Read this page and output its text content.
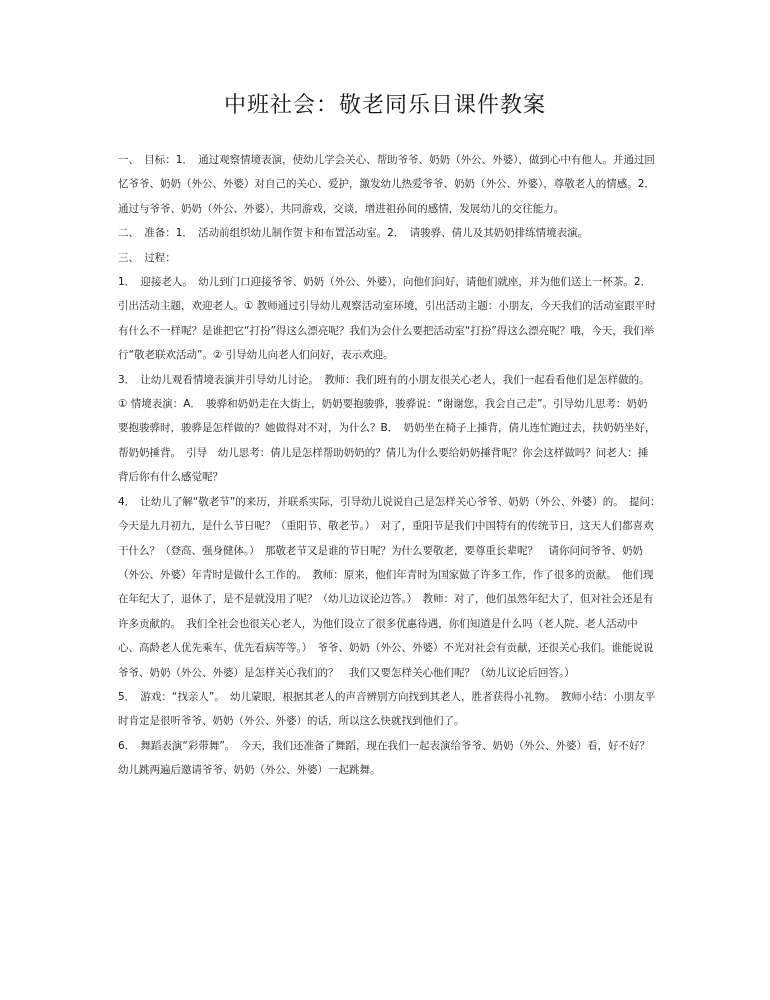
中班社会：敬老同乐日课件教案

一、　目标：1．　通过观察情境表演，使幼儿学会关心、帮助爷爷、奶奶（外公、外婆），做到心中有他人。并通过回忆爷爷、奶奶（外公、外婆）对自己的关心、爱护，激发幼儿热爱爷爷、奶奶（外公、外婆），尊敬老人的情感。2．　通过与爷爷、奶奶（外公、外婆），共同游戏，交谈，增进祖孙间的感情，发展幼儿的交往能力。

二、　准备：1．　活动前组织幼儿制作贺卡和布置活动室。2．　请骏骅、倩儿及其奶奶排练情境表演。

三、　过程：

1．　迎接老人。　幼儿到门口迎接爷爷、奶奶（外公、外婆），向他们问好，请他们就座，并为他们送上一杯茶。2．　引出活动主题，欢迎老人。① 教师通过引导幼儿观察活动室环境，引出活动主题：小朋友，今天我们的活动室跟平时有什么不一样呢？是谁把它“打扮”得这么漂亮呢？我们为会什么要把活动室“打扮”得这么漂亮呢？哦，今天，我们举行“敬老联欢活动”。② 引导幼儿向老人们问好，表示欢迎。

3．　让幼儿观看情境表演并引导幼儿讨论。　教师：我们班有的小朋友很关心老人，我们一起看看他们是怎样做的。① 情境表演：A．　骏骅和奶奶走在大街上，奶奶要抱骏骅，骏骅说：“谢谢您，我会自己走”。引导幼儿思考：奶奶要抱骏骅时，骏骅是怎样做的？她做得对不对，为什么？B．　奶奶坐在椅子上捶背，倩儿连忙跑过去，扶奶奶坐好，帮奶奶捶背。　引导　幼儿思考：倩儿是怎样帮助奶奶的？倩儿为什么要给奶奶捶背呢？你会这样做吗？问老人：捶背后你有什么感觉呢？

4．　让幼儿了解“敬老节”的来历，并联系实际，引导幼儿说说自己是怎样关心爷爷、奶奶（外公、外婆）的。　提问：　今天是九月初九，是什么节日呢？（重阳节、敬老节。）　对了，重阳节是我们中国特有的传统节日，这天人们都喜欢干什么？（登高、强身健体。）　那敬老节又是谁的节日呢？为什么要敬老，要尊重长辈呢？　请你问问爷爷、奶奶（外公、外婆）年青时是做什么工作的。　教师：原来，他们年青时为国家做了许多工作，作了很多的贡献。　他们现在年纪大了，退休了，是不是就没用了呢？（幼儿边议论边答。）　教师：对了，他们虽然年纪大了，但对社会还是有许多贡献的。　我们全社会也很关心老人，为他们设立了很多优惠待遇，你们知道是什么吗（老人院、老人活动中心、高龄老人优先乘车、优先看病等等。）　爷爷、奶奶（外公、外婆）不光对社会有贡献，还很关心我们。谁能说说爷爷、奶奶（外公、外婆）是怎样关心我们的？　我们又要怎样关心他们呢？（幼儿议论后回答。）

5．　游戏：“找亲人”。　幼儿蒙眼，根据其老人的声音辨别方向找到其老人，胜者获得小礼物。　教师小结：小朋友平时肯定是很听爷爷、奶奶（外公、外婆）的话，所以这么快就找到他们了。

6．　舞蹈表演“彩带舞”。　今天，我们还准备了舞蹈，现在我们一起表演给爷爷、奶奶（外公、外婆）看，好不好？幼儿跳两遍后邀请爷爷、奶奶（外公、外婆）一起跳舞。
